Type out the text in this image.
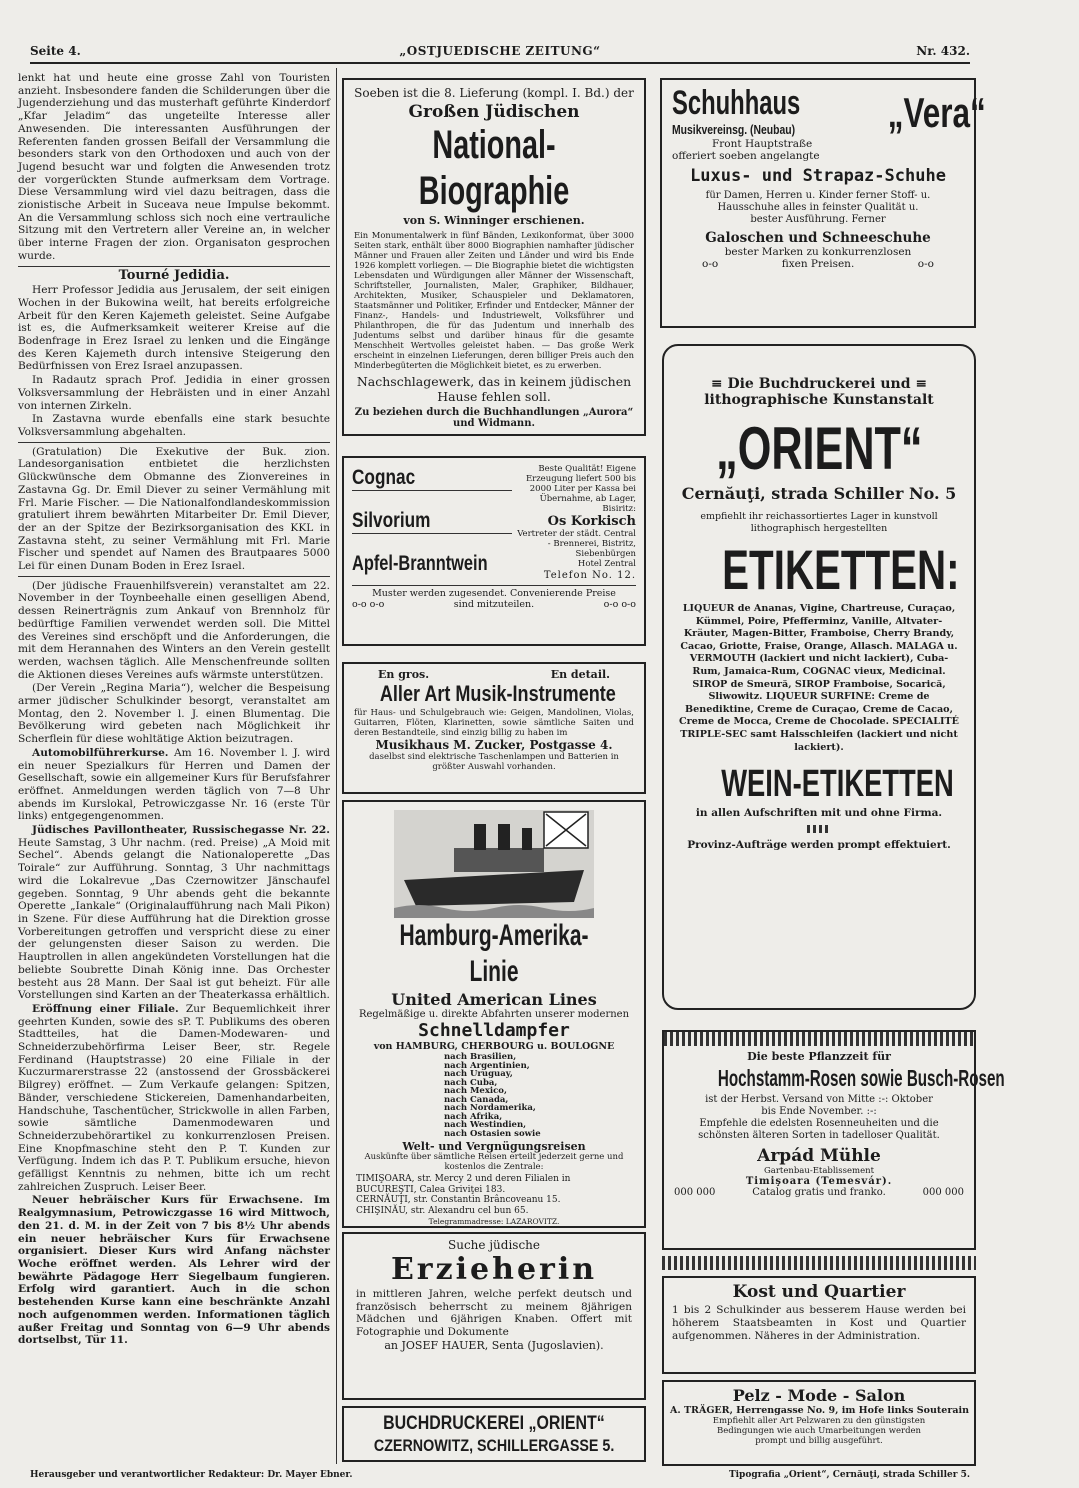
Seite 4.	„OSTJUEDISCHE ZEITUNG“	Nr. 432.

lenkt hat und heute eine grosse Zahl von Touristen anzieht. Insbesondere fanden die Schilderungen über die Jugenderziehung und das musterhaft geführte Kinderdorf „Kfar Jeladim“ das ungeteilte Interesse aller Anwesenden. Die interessanten Ausführungen der Referenten fanden grossen Beifall der Versammlung die besonders stark von den Orthodoxen und auch von der Jugend besucht war und folgten die Anwesenden trotz der vorgerückten Stunde aufmerksam dem Vortrage. Diese Versammlung wird viel dazu beitragen, dass die zionistische Arbeit in Suceava neue Impulse bekommt. An die Versammlung schloss sich noch eine vertrauliche Sitzung mit den Vertretern aller Vereine an, in welcher über interne Fragen der zion. Organisaton gesprochen wurde.

Tourné Jedidia.

Herr Professor Jedidia aus Jerusalem, der seit einigen Wochen in der Bukowina weilt, hat bereits erfolgreiche Arbeit für den Keren Kajemeth geleistet. Seine Aufgabe ist es, die Aufmerksamkeit weiterer Kreise auf die Bodenfrage in Erez Israel zu lenken und die Eingänge des Keren Kajemeth durch intensive Steigerung den Bedürfnissen von Erez Israel anzupassen.

In Radautz sprach Prof. Jedidia in einer grossen Volksversammlung der Hebräisten und in einer Anzahl von internen Zirkeln.

In Zastavna wurde ebenfalls eine stark besuchte Volksversammlung abgehalten.

(Gratulation) Die Exekutive der Buk. zion. Landesorganisation entbietet die herzlichsten Glückwünsche dem Obmanne des Zionvereines in Zastavna Gg. Dr. Emil Diever zu seiner Vermählung mit Frl. Marie Fischer. — Die Nationalfondlandeskommission gratuliert ihrem bewährten Mitarbeiter Dr. Emil Diever, der an der Spitze der Bezirksorganisation des KKL in Zastavna steht, zu seiner Vermählung mit Frl. Marie Fischer und spendet auf Namen des Brautpaares 5000 Lei für einen Dunam Boden in Erez Israel.

(Der jüdische Frauenhilfsverein) veranstaltet am 22. November in der Toynbeehalle einen geselligen Abend, dessen Reinerträgnis zum Ankauf von Brennholz für bedürftige Familien verwendet werden soll. Die Mittel des Vereines sind erschöpft und die Anforderungen, die mit dem Herannahen des Winters an den Verein gestellt werden, wachsen täglich. Alle Menschenfreunde sollten die Aktionen dieses Vereines aufs wärmste unterstützen.

(Der Verein „Regina Maria“), welcher die Bespeisung armer jüdischer Schulkinder besorgt, veranstaltet am Montag, den 2. November l. J. einen Blumentag. Die Bevölkerung wird gebeten nach Möglichkeit ihr Scherflein für diese wohltätige Aktion beizutragen.

Automobilführerkurse. Am 16. November l. J. wird ein neuer Spezialkurs für Herren und Damen der Gesellschaft, sowie ein allgemeiner Kurs für Berufsfahrer eröffnet. Anmeldungen werden täglich von 7—8 Uhr abends im Kurslokal, Petrowiczgasse Nr. 16 (erste Tür links) entgegengenommen.

Jüdisches Pavillontheater, Russischegasse Nr. 22. Heute Samstag, 3 Uhr nachm. (red. Preise) „A Moid mit Sechel“. Abends gelangt die Nationaloperette „Das Toirale“ zur Aufführung. Sonntag, 3 Uhr nachmittags wird die Lokalrevue „Das Czernowitzer Jänschaufel gegeben. Sonntag, 9 Uhr abends geht die bekannte Operette „Iankale“ (Originalaufführung nach Mali Pikon) in Szene. Für diese Aufführung hat die Direktion grosse Vorbereitungen getroffen und verspricht diese zu einer der gelungensten dieser Saison zu werden. Die Hauptrollen in allen angekündeten Vorstellungen hat die beliebte Soubrette Dinah König inne. Das Orchester besteht aus 28 Mann. Der Saal ist gut beheizt. Für alle Vorstellungen sind Karten an der Theaterkassa erhältlich.

Eröffnung einer Filiale. Zur Bequemlichkeit ihrer geehrten Kunden, sowie des sP. T. Publikums des oberen Stadtteiles, hat die Damen-Modewaren- und Schneiderzubehörfirma Leiser Beer, str. Regele Ferdinand (Hauptstrasse) 20 eine Filiale in der Kuczurmarerstrasse 22 (anstossend der Grossbäckerei Bilgrey) eröffnet. — Zum Verkaufe gelangen: Spitzen, Bänder, verschiedene Stickereien, Damenhandarbeiten, Handschuhe, Taschentücher, Strickwolle in allen Farben, sowie sämtliche Damenmodewaren und Schneiderzubehörartikel zu konkurrenzlosen Preisen. Eine Knopfmaschine steht den P. T. Kunden zur Verfügung. Indem ich das P. T. Publikum ersuche, hievon gefälligst Kenntnis zu nehmen, bitte ich um recht zahlreichen Zuspruch. Leiser Beer.

Neuer hebräischer Kurs für Erwachsene. Im Realgymnasium, Petrowiczgasse 16 wird Mittwoch, den 21. d. M. in der Zeit von 7 bis 8½ Uhr abends ein neuer hebräischer Kurs für Erwachsene organisiert. Dieser Kurs wird Anfang nächster Woche eröffnet werden. Als Lehrer wird der bewährte Pädagoge Herr Siegelbaum fungieren. Erfolg wird garantiert. Auch in die schon bestehenden Kurse kann eine beschränkte Anzahl noch aufgenommen werden. Informationen täglich außer Freitag und Sonntag von 6—9 Uhr abends dortselbst, Tür 11.

Soeben ist die 8. Lieferung (kompl. I. Bd.) der
Großen Jüdischen
National-Biographie
von S. Winninger erschienen.
Ein Monumentalwerk in fünf Bänden, Lexikonformat, über 3000 Seiten stark, enthält über 8000 Biographien namhafter jüdischer Männer und Frauen aller Zeiten und Länder und wird bis Ende 1926 komplett vorliegen. — Die Biographie bietet die wichtigsten Lebensdaten und Würdigungen aller Männer der Wissenschaft, Schriftsteller, Journalisten, Maler, Graphiker, Bildhauer, Architekten, Musiker, Schauspieler und Deklamatoren, Staatsmänner und Politiker, Erfinder und Entdecker, Männer der Finanz-, Handels- und Industriewelt, Volksführer und Philanthropen, die für das Judentum und innerhalb des Judentums selbst und darüber hinaus für die gesamte Menschheit Wertvolles geleistet haben. — Das große Werk erscheint in einzelnen Lieferungen, deren billiger Preis auch den Minderbegüterten die Möglichkeit bietet, es zu erwerben.
Nachschlagewerk, das in keinem jüdischen Hause fehlen soll.
Zu beziehen durch die Buchhandlungen „Aurora“ und Widmann.
Cognac
Silvorium
Apfel-Branntwein
Beste Qualität! Eigene Erzeugung liefert 500 bis 2000 Liter per Kassa bei Übernahme, ab Lager, Bisiritz:
Os Korkisch
Vertreter der städt. Central - Brennerei, Bistritz, Siebenbürgen
Hotel Zentral
Telefon No. 12.
Muster werden zugesendet. Convenierende Preise
o-o o-o	sind mitzuteilen.	o-o o-o
En gros.	En detail.
Aller Art Musik-Instrumente
für Haus- und Schulgebrauch wie: Geigen, Mandolinen, Violas, Guitarren, Flöten, Klarinetten, sowie sämtliche Saiten und deren Bestandteile, sind einzig billig zu haben im
Musikhaus M. Zucker, Postgasse 4.
daselbst sind elektrische Taschenlampen und Batterien in größter Auswahl vorhanden.
Hamburg-Amerika-Linie
United American Lines
Regelmäßige u. direkte Abfahrten unserer modernen
Schnelldampfer
von HAMBURG, CHERBOURG u. BOULOGNE
nach Brasilien,
nach Argentinien,
nach Uruguay,
nach Cuba,
nach Mexico,
nach Canada,
nach Nordamerika,
nach Afrika,
nach Westindien,
nach Ostasien sowie
Welt- und Vergnügungsreisen
Auskünfte über sämtliche Reisen erteilt jederzeit gerne und kostenlos die Zentrale:
TIMIŞOARA, str. Mercy 2 und deren Filialen in
BUCUREŞTI, Calea Griviţei 183.
CERNĂUŢI, str. Constantin Brâncoveanu 15.
CHIŞINĂU, str. Alexandru cel bun 65.
Telegrammadresse: LAZAROVITZ.
Suche jüdische
Erzieherin
in mittleren Jahren, welche perfekt deutsch und französisch beherrscht zu meinem 8jährigen Mädchen und 6jährigen Knaben. Offert mit Fotographie und Dokumente
an JOSEF HAUER, Senta (Jugoslavien).
BUCHDRUCKEREI „ORIENT“
CZERNOWITZ, SCHILLERGASSE 5.
Schuhhaus
Musikvereinsg. (Neubau)	„Vera“
Front Hauptstraße
offeriert soeben angelangte
Luxus- und Strapaz-Schuhe
für Damen, Herren u. Kinder ferner Stoff- u. Hausschuhe alles in feinster Qualität u. bester Ausführung. Ferner
Galoschen und Schneeschuhe
bester Marken zu konkurrenzlosen
o-o	fixen Preisen.	o-o
≡ Die Buchdruckerei und ≡
lithographische Kunstanstalt
„ORIENT“
Cernăuţi, strada Schiller No. 5
empfiehlt ihr reichassortiertes Lager in kunstvoll lithographisch hergestellten
ETIKETTEN:
LIQUEUR de Ananas, Vigine, Chartreuse, Curaçao, Kümmel, Poire, Pfefferminz, Vanille, Altvater-Kräuter, Magen-Bitter, Framboise, Cherry Brandy, Cacao, Griotte, Fraise, Orange, Allasch. MALAGA u. VERMOUTH (lackiert und nicht lackiert), Cuba-Rum, Jamaica-Rum, COGNAC vieux, Medicinal. SIROP de Smeură, SIROP Framboise, Socarică, Sliwowitz. LIQUEUR SURFINE: Creme de Benediktine, Creme de Curaçao, Creme de Cacao, Creme de Mocca, Creme de Chocolade. SPECIALITÉ TRIPLE-SEC samt Halsschleifen (lackiert und nicht lackiert).
WEIN-ETIKETTEN
in allen Aufschriften mit und ohne Firma.
Provinz-Aufträge werden prompt effektuiert.
Die beste Pflanzzeit für
Hochstamm-Rosen sowie Busch-Rosen
ist der Herbst. Versand von Mitte :-: Oktober bis Ende November. :-:
Empfehle die edelsten Rosenneuheiten und die schönsten älteren Sorten in tadelloser Qualität.
Arpád Mühle
Gartenbau-Etablissement
Timişoara (Temesvár).
000 000	Catalog gratis und franko.	000 000
Kost und Quartier
1 bis 2 Schulkinder aus besserem Hause werden bei höherem Staatsbeamten in Kost und Quartier aufgenommen. Näheres in der Administration.
Pelz - Mode - Salon
A. TRÄGER, Herrengasse No. 9, im Hofe links Souterain
Empfiehlt aller Art Pelzwaren zu den günstigsten Bedingungen wie auch Umarbeitungen werden prompt und billig ausgeführt.
Herausgeber und verantwortlicher Redakteur: Dr. Mayer Ebner.	Tipografia „Orient“, Cernăuţi, strada Schiller 5.
